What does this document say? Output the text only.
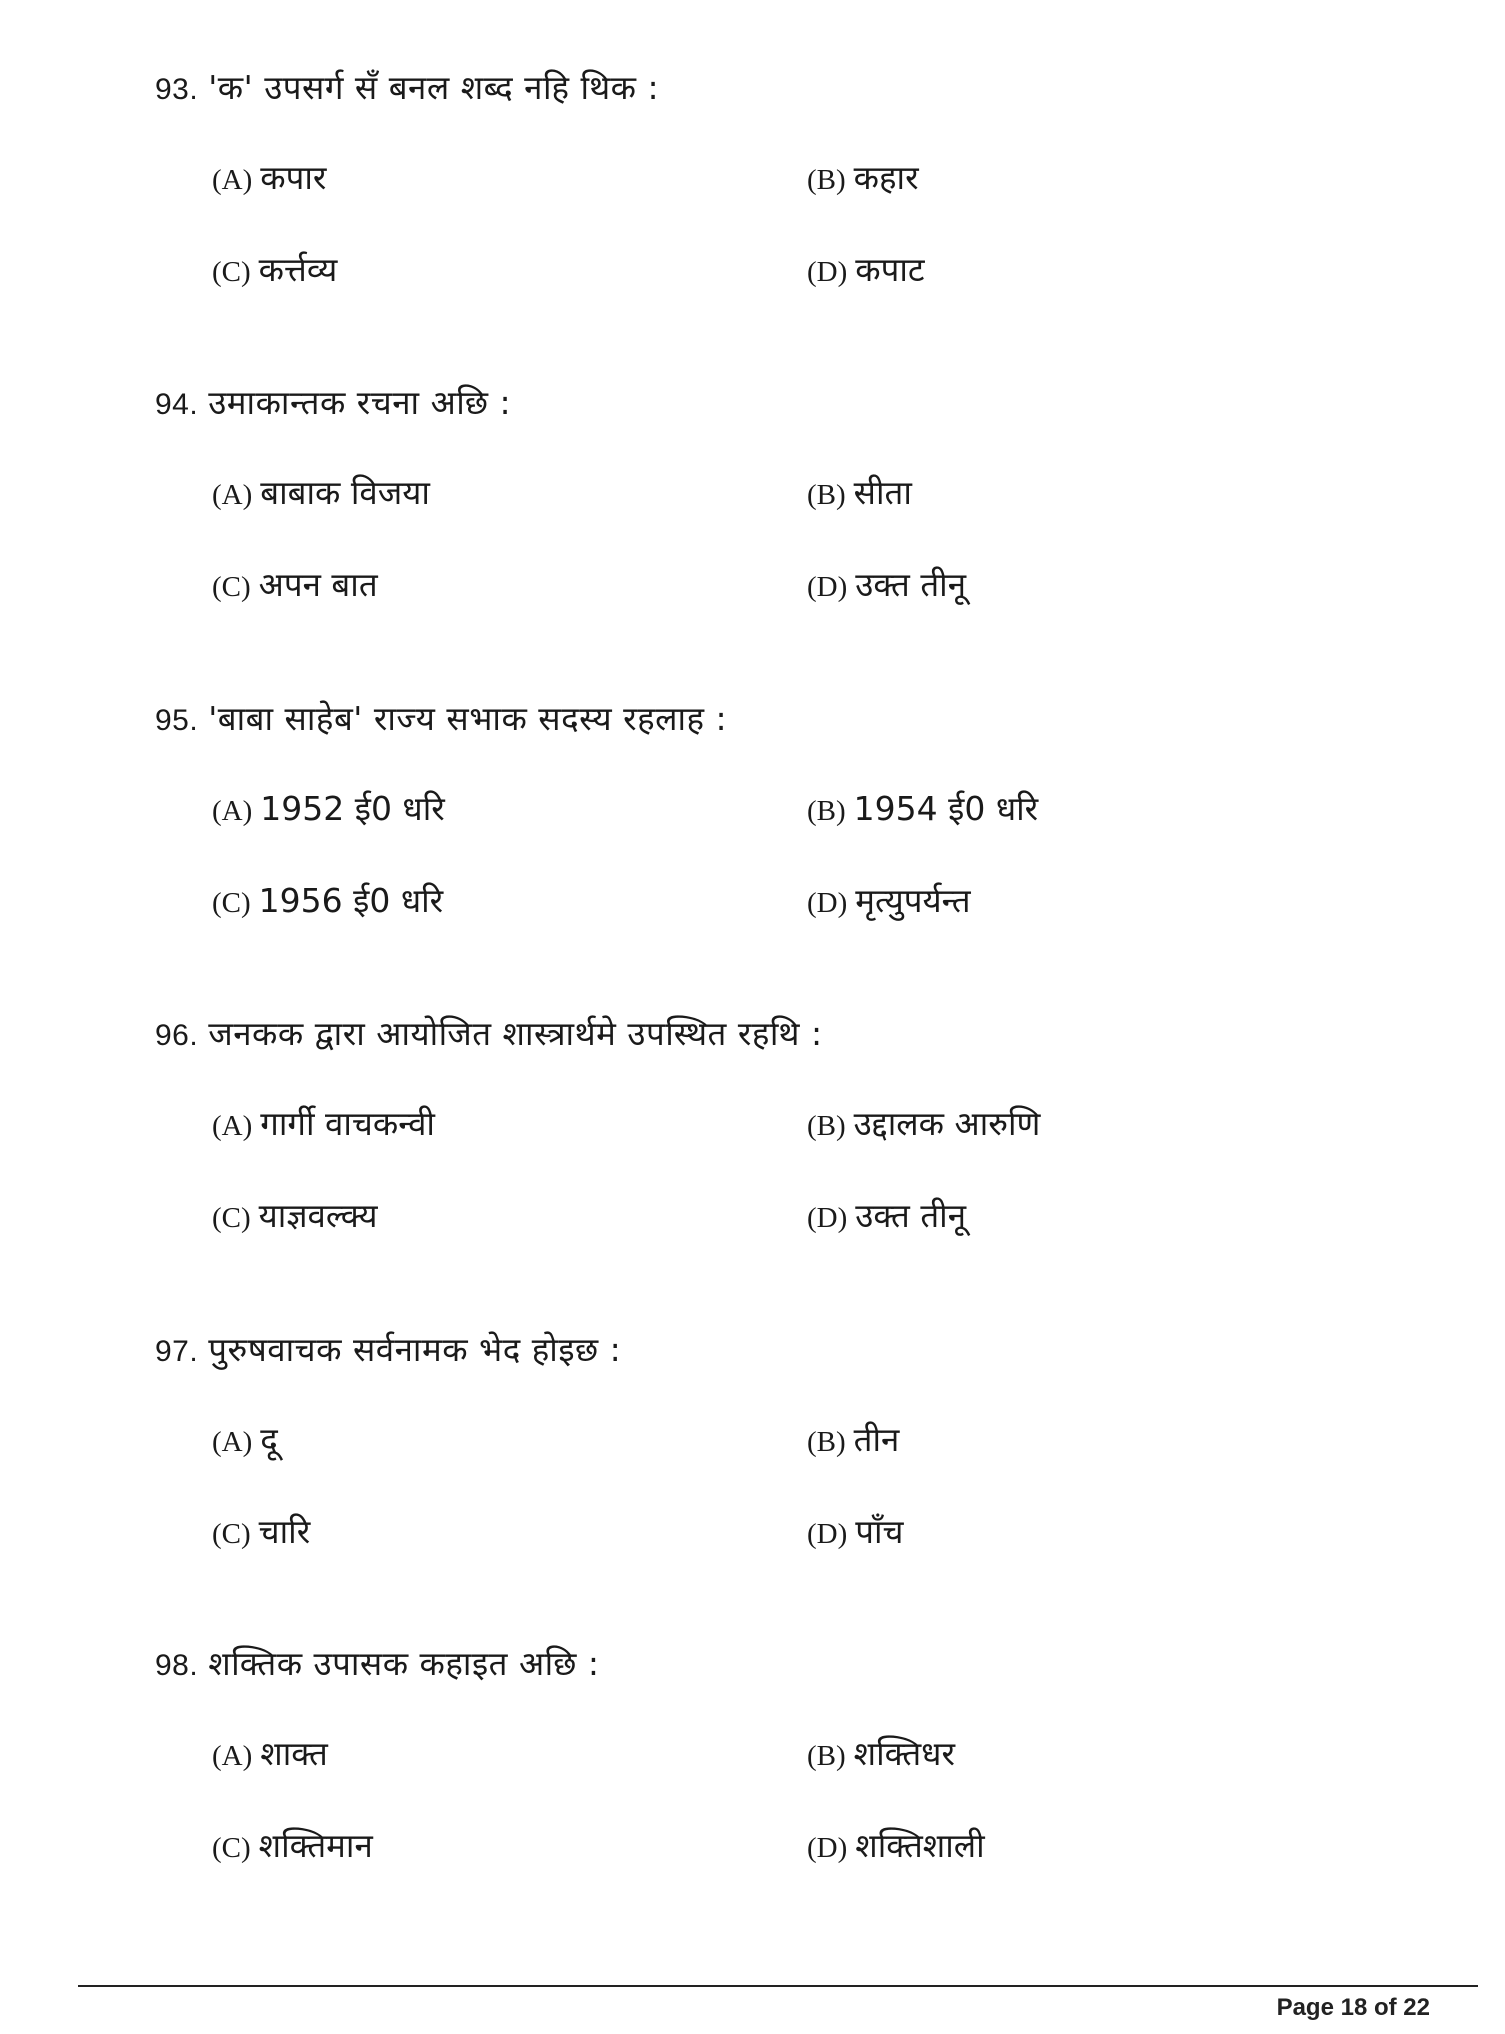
93. 'क' उपसर्ग सँ बनल शब्द नहि थिक :
(A) कपार	(B) कहार
(C) कर्त्तव्य	(D) कपाट
94. उमाकान्तक रचना अछि :
(A) बाबाक विजया	(B) सीता
(C) अपन बात	(D) उक्त तीनू
95. 'बाबा साहेब' राज्य सभाक सदस्य रहलाह :
(A) 1952 ई0 धरि	(B) 1954 ई0 धरि
(C) 1956 ई0 धरि	(D) मृत्युपर्यन्त
96. जनकक द्वारा आयोजित शास्त्रार्थमे उपस्थित रहथि :
(A) गार्गी वाचकन्वी	(B) उद्दालक आरुणि
(C) याज्ञवल्क्य	(D) उक्त तीनू
97. पुरुषवाचक सर्वनामक भेद होइछ :
(A) दू	(B) तीन
(C) चारि	(D) पाँच
98. शक्तिक उपासक कहाइत अछि :
(A) शाक्त	(B) शक्तिधर
(C) शक्तिमान	(D) शक्तिशाली
Page 18 of 22
